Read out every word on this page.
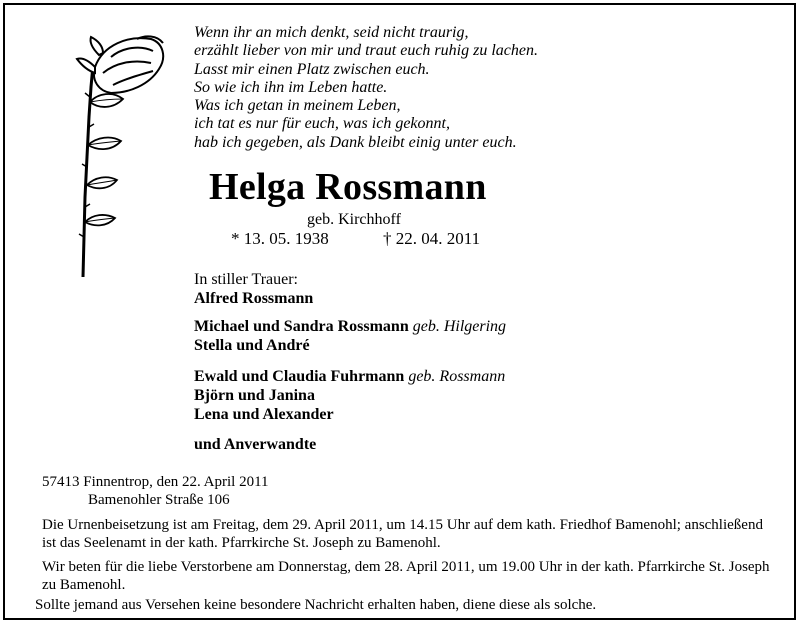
Wenn ihr an mich denkt, seid nicht traurig,
erzählt lieber von mir und traut euch ruhig zu lachen.
Lasst mir einen Platz zwischen euch.
So wie ich ihn im Leben hatte.
Was ich getan in meinem Leben,
ich tat es nur für euch, was ich gekonnt,
hab ich gegeben, als Dank bleibt einig unter euch.
Helga Rossmann
geb. Kirchhoff
* 13. 05. 1938	† 22. 04. 2011
In stiller Trauer:
Alfred Rossmann
Michael und Sandra Rossmann geb. Hilgering
Stella und André
Ewald und Claudia Fuhrmann geb. Rossmann
Björn und Janina
Lena und Alexander
und Anverwandte
57413 Finnentrop, den 22. April 2011
Bamenohler Straße 106
Die Urnenbeisetzung ist am Freitag, dem 29. April 2011, um 14.15 Uhr auf dem kath. Friedhof Bamenohl; anschließend ist das Seelenamt in der kath. Pfarrkirche St. Joseph zu Bamenohl.
Wir beten für die liebe Verstorbene am Donnerstag, dem 28. April 2011, um 19.00 Uhr in der kath. Pfarrkirche St. Joseph zu Bamenohl.
Sollte jemand aus Versehen keine besondere Nachricht erhalten haben, diene diese als solche.
